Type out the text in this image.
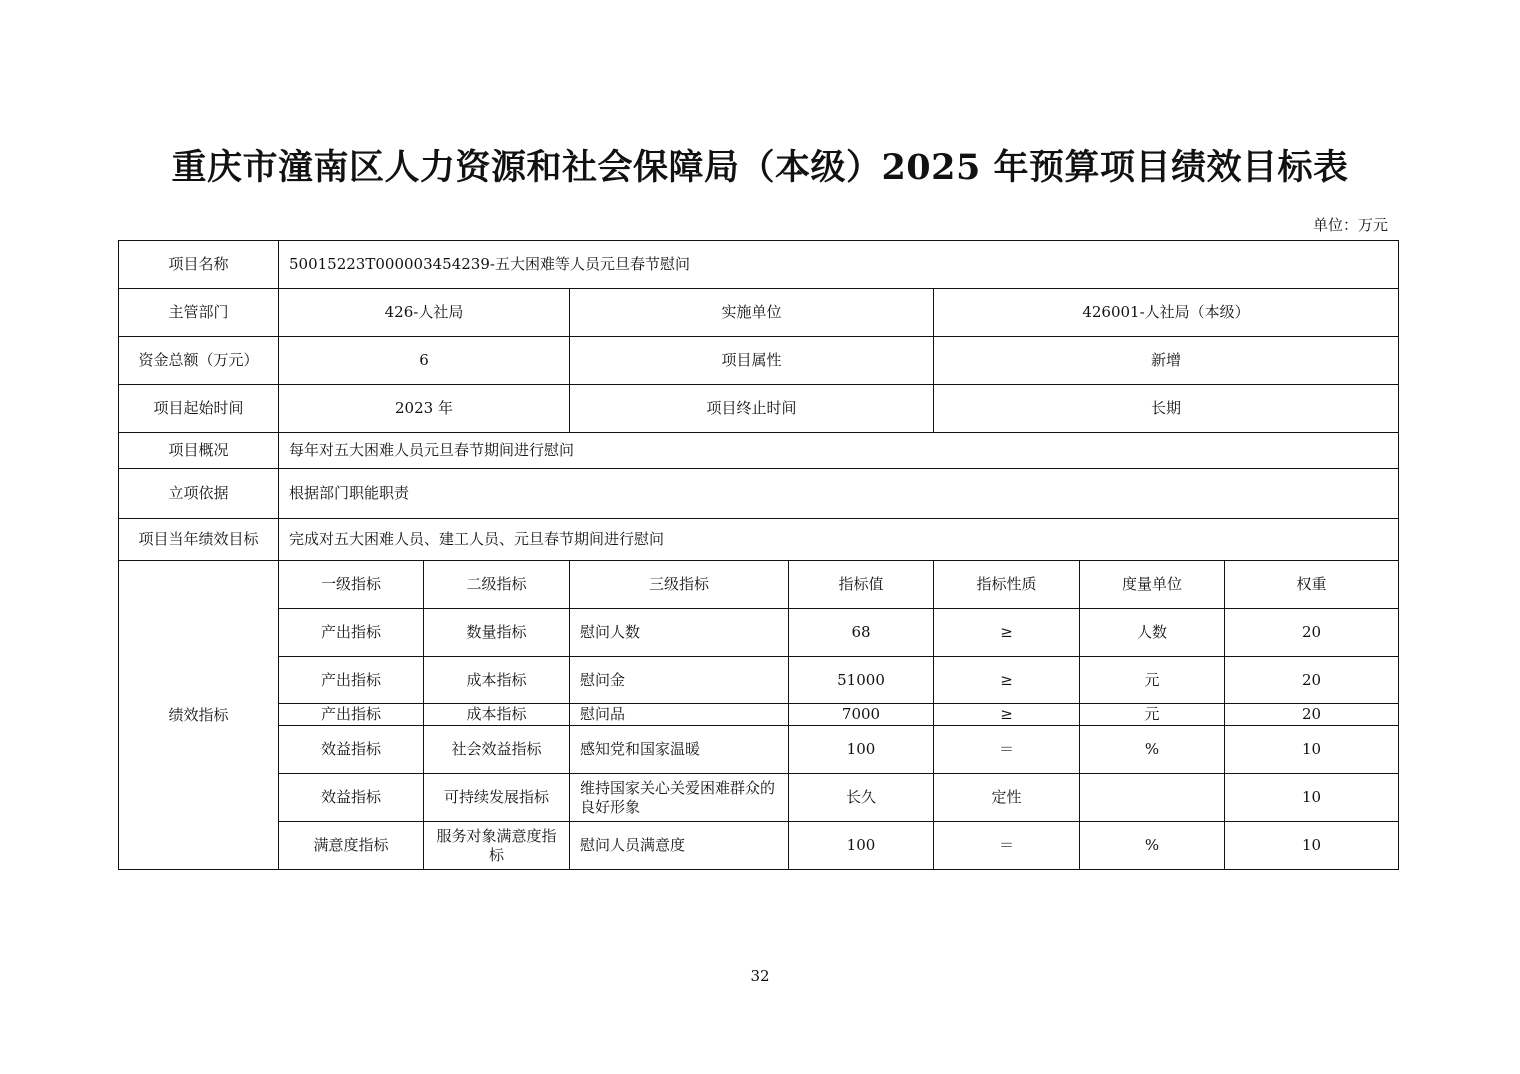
重庆市潼南区人力资源和社会保障局（本级）2025 年预算项目绩效目标表
单位：万元
项目名称	50015223T000003454239-五大困难等人员元旦春节慰问						
主管部门	426-人社局		实施单位		426001-人社局（本级）		
资金总额（万元）	6		项目属性		新增		
项目起始时间	2023 年		项目终止时间		长期		
项目概况	每年对五大困难人员元旦春节期间进行慰问						
立项依据	根据部门职能职责						
项目当年绩效目标	完成对五大困难人员、建工人员、元旦春节期间进行慰问						
绩效指标	一级指标	二级指标	三级指标	指标值	指标性质	度量单位	权重
	产出指标	数量指标	慰问人数	68	≥	人数	20
	产出指标	成本指标	慰问金	51000	≥	元	20
	产出指标	成本指标	慰问品	7000	≥	元	20
	效益指标	社会效益指标	感知党和国家温暖	100	＝	%	10
	效益指标	可持续发展指标	维持国家关心关爱困难群众的良好形象	长久	定性		10
	满意度指标	服务对象满意度指标	慰问人员满意度	100	＝	%	10
32
